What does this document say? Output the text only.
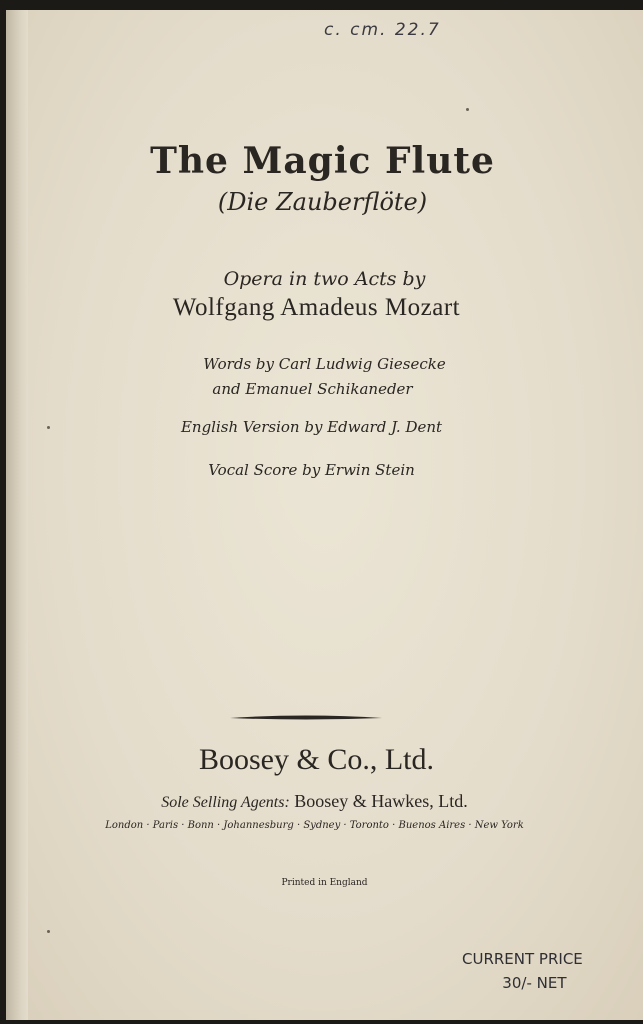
c. cm. 22.7
The Magic Flute
(Die Zauberflöte)
Opera in two Acts by
Wolfgang Amadeus Mozart
Words by Carl Ludwig Giesecke
and Emanuel Schikaneder
English Version by Edward J. Dent
Vocal Score by Erwin Stein
Boosey & Co., Ltd.
Sole Selling Agents: Boosey & Hawkes, Ltd.
London · Paris · Bonn · Johannesburg · Sydney · Toronto · Buenos Aires · New York
Printed in England
CURRENT PRICE
30/- NET
